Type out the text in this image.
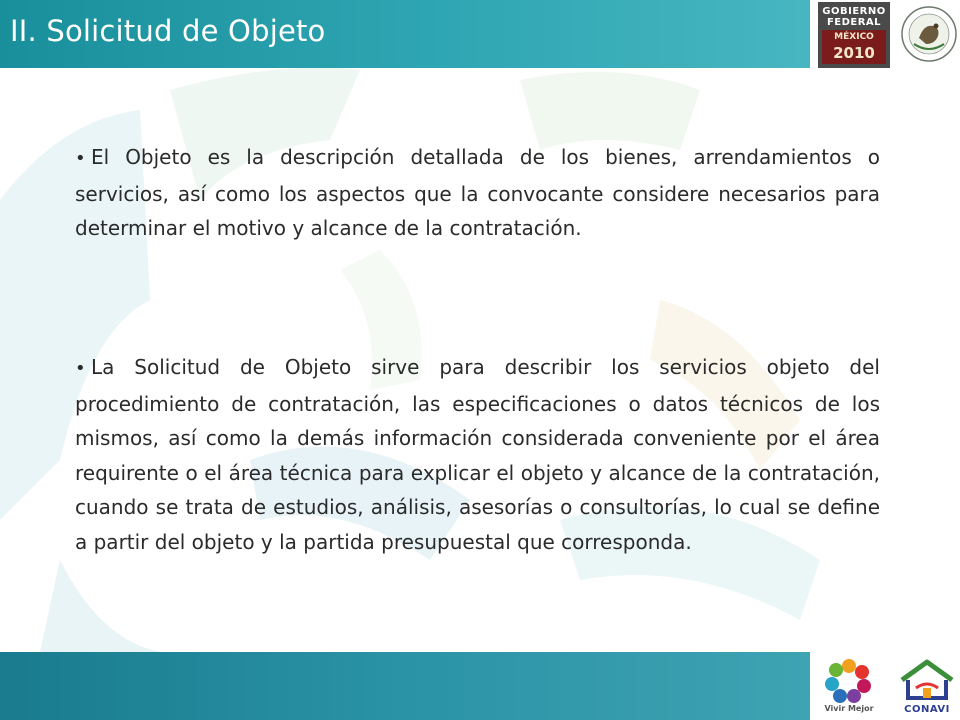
II. Solicitud de Objeto
GOBIERNO
FEDERAL
MÉXICO
2010
• El Objeto es la descripción detallada de los bienes, arrendamientos o servicios, así como los aspectos que la convocante considere necesarios para determinar el motivo y alcance de la contratación.
• La Solicitud de Objeto sirve para describir los servicios objeto del procedimiento de contratación, las especificaciones o datos técnicos de los mismos, así como la demás información considerada conveniente por el área requirente o el área técnica para explicar el objeto y alcance de la contratación, cuando se trata de estudios, análisis, asesorías o consultorías, lo cual se define a partir del objeto y la partida presupuestal que corresponda.
Vivir Mejor	CONAVI
